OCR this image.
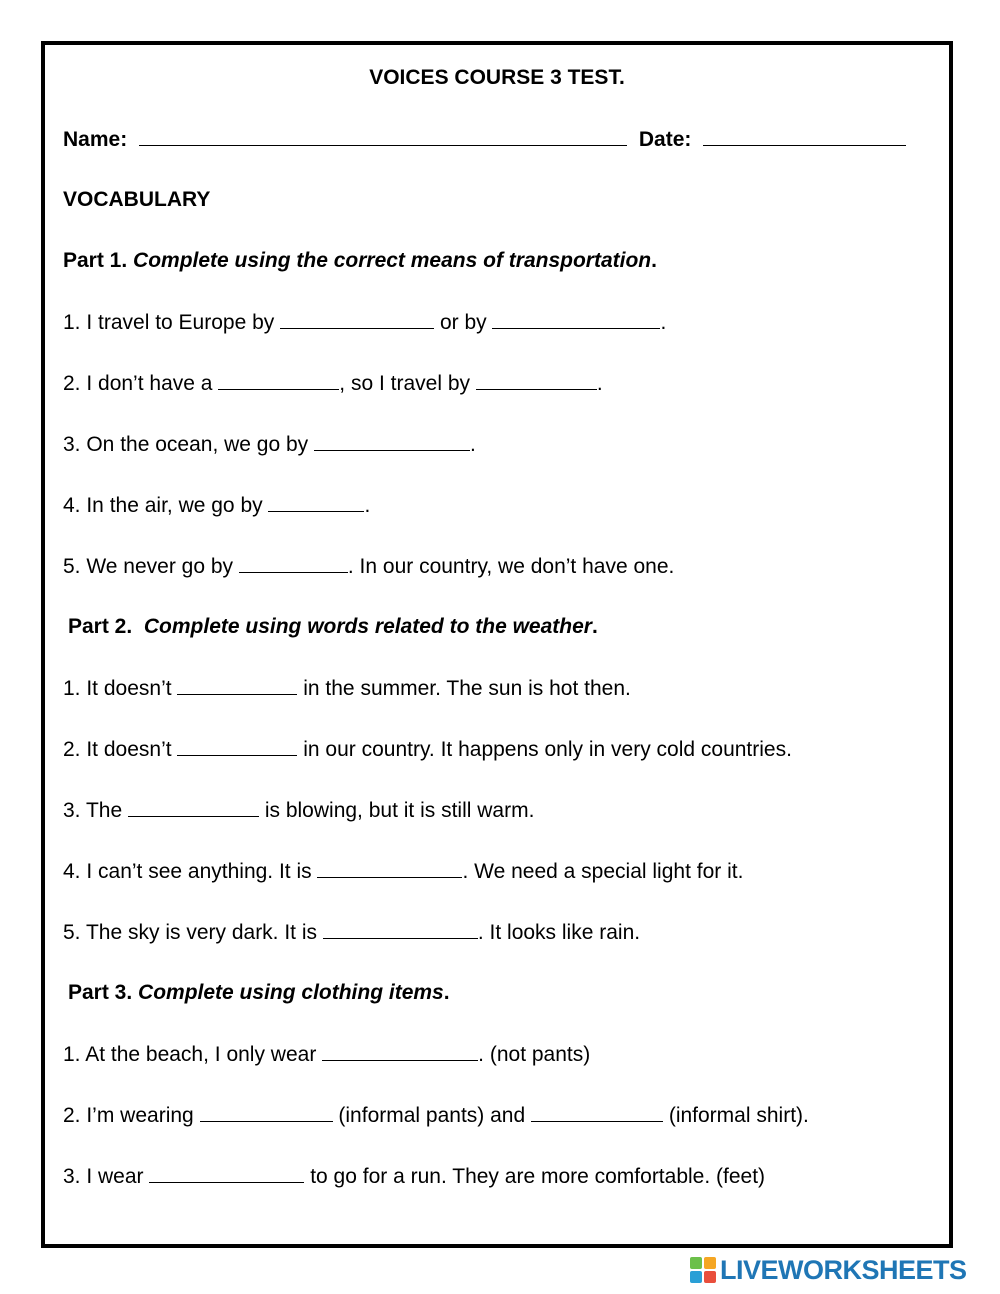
VOICES COURSE 3 TEST.
Name:	Date:
VOCABULARY
Part 1. Complete using the correct means of transportation.
1. I travel to Europe by	or by	.
2. I don’t have a	, so I travel by	.
3. On the ocean, we go by	.
4. In the air, we go by	.
5. We never go by	. In our country, we don’t have one.
Part 2. Complete using words related to the weather.
1. It doesn’t	in the summer. The sun is hot then.
2. It doesn’t	in our country. It happens only in very cold countries.
3. The	is blowing, but it is still warm.
4. I can’t see anything. It is	. We need a special light for it.
5. The sky is very dark. It is	. It looks like rain.
Part 3. Complete using clothing items.
1. At the beach, I only wear	. (not pants)
2. I’m wearing	(informal pants) and	(informal shirt).
3. I wear	to go for a run. They are more comfortable. (feet)
LIVEWORKSHEETS
